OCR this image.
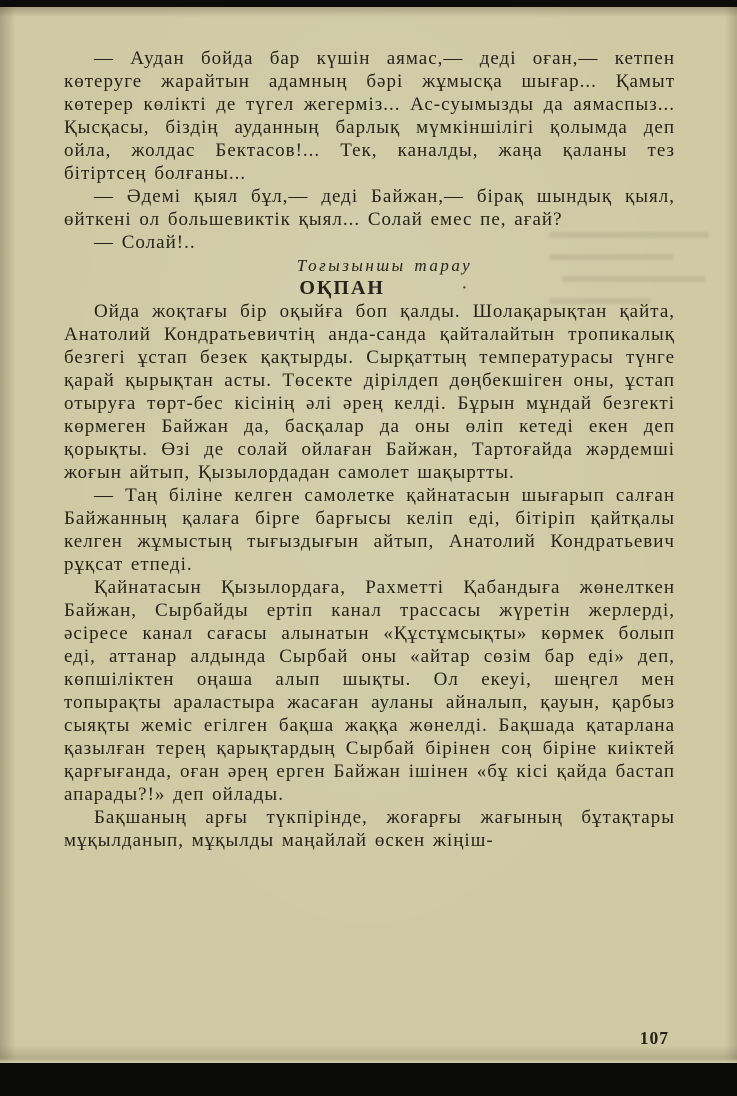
— Аудан бойда бар күшін аямас,— деді оған,— кетпен көтеруге жарайтын адамның бәрі жұмысқа шығар... Қамыт көтерер көлікті де түгел жегерміз... Ас-суымызды да аямаспыз... Қысқасы, біздің ауданның барлық мүмкіншілігі қолымда деп ойла, жолдас Бектасов!... Тек, каналды, жаңа қаланы тез бітіртсең болғаны...

— Әдемі қыял бұл,— деді Байжан,— бірақ шындық қыял, өйткені ол большевиктік қыял... Солай емес пе, ағай?

— Солай!..

Тоғызыншы тарау

ОҚПАН	·

Ойда жоқтағы бір оқыйға боп қалды. Шолақарықтан қайта, Анатолий Кондратьевичтің анда-санда қайталайтын тропикалық безгегі ұстап безек қақтырды. Сырқаттың температурасы түнге қарай қырықтан асты. Төсекте дірілдеп дөңбекшіген оны, ұстап отыруға төрт-бес кісінің әлі әрең келді. Бұрын мұндай безгекті көрмеген Байжан да, басқалар да оны өліп кетеді екен деп қорықты. Өзі де солай ойлаған Байжан, Тартоғайда жәрдемші жоғын айтып, Қызылордадан самолет шақыртты.

— Таң біліне келген самолетке қайнатасын шығарып салған Байжанның қалаға бірге барғысы келіп еді, бітіріп қайтқалы келген жұмыстың тығыздығын айтып, Анатолий Кондратьевич рұқсат етпеді.

Қайнатасын Қызылордаға, Рахметті Қабандыға жөнелткен Байжан, Сырбайды ертіп канал трассасы жүретін жерлерді, әсіресе канал сағасы алынатын «Құстұмсықты» көрмек болып еді, аттанар алдында Сырбай оны «айтар сөзім бар еді» деп, көпшіліктен оңаша алып шықты. Ол екеуі, шеңгел мен топырақты араластыра жасаған ауланы айналып, қауын, қарбыз сыяқты жеміс егілген бақша жаққа жөнелді. Бақшада қатарлана қазылған терең қарықтардың Сырбай бірінен соң біріне киіктей қарғығанда, оған әрең ерген Байжан ішінен «бұ кісі қайда бастап апарады?!» деп ойлады.

Бақшаның арғы түкпірінде, жоғарғы жағының бұтақтары мұқылданып, мұқылды маңайлай өскен жіңіш-

107
